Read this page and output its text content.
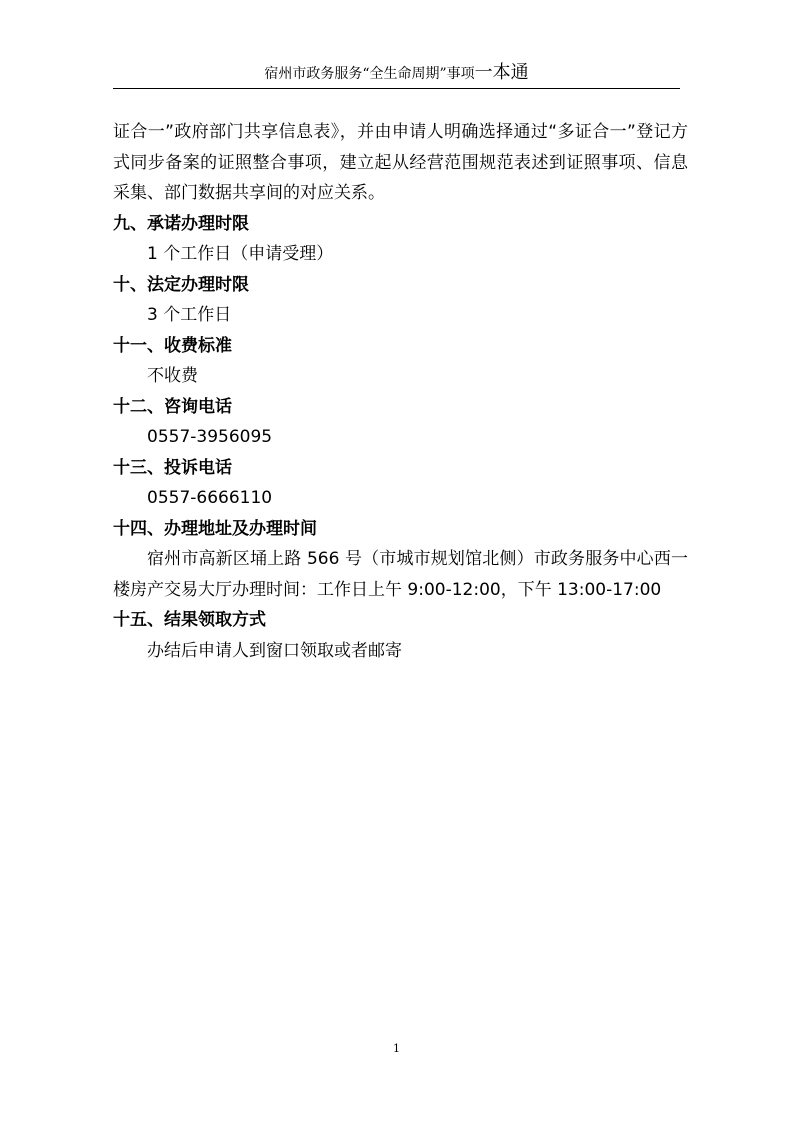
宿州市政务服务“全生命周期”事项一本通

证合一”政府部门共享信息表》，并由申请人明确选择通过“多证合一”登记方式同步备案的证照整合事项，建立起从经营范围规范表述到证照事项、信息采集、部门数据共享间的对应关系。

九、承诺办理时限

1 个工作日（申请受理）

十、法定办理时限

3 个工作日

十一、收费标准

不收费

十二、咨询电话

0557-3956095

十三、投诉电话

0557-6666110

十四、办理地址及办理时间

宿州市高新区埇上路 566 号（市城市规划馆北侧）市政务服务中心西一楼房产交易大厅办理时间：工作日上午 9:00-12:00，下午 13:00-17:00

十五、结果领取方式

办结后申请人到窗口领取或者邮寄

1
